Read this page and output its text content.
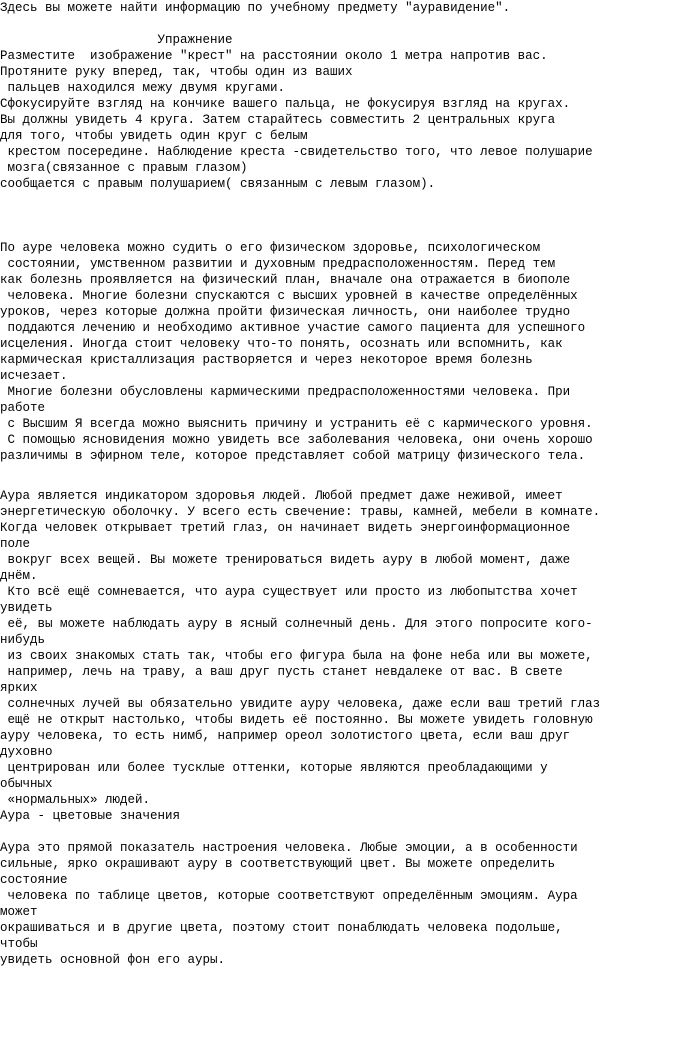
Здесь вы можете найти информацию по учебному предмету "ауравидение".

Упражнение

Разместите  изображение "крест" на расстоянии около 1 метра напротив вас.

Протяните руку вперед, так, чтобы один из ваших

пальцев находился межу двумя кругами.

Сфокусируйте взгляд на кончике вашего пальца, не фокусируя взгляд на кругах.

Вы должны увидеть 4 круга. Затем старайтесь совместить 2 центральных круга

для того, чтобы увидеть один круг с белым

крестом посередине. Наблюдение креста -свидетельство того, что левое полушарие

мозга(связанное с правым глазом)

сообщается с правым полушарием( связанным с левым глазом).

По ауре человека можно судить о его физическом здоровье, психологическом

состоянии, умственном развитии и духовным предрасположенностям. Перед тем

как болезнь проявляется на физический план, вначале она отражается в биополе

человека. Многие болезни спускаются с высших уровней в качестве определённых

уроков, через которые должна пройти физическая личность, они наиболее трудно

поддаются лечению и необходимо активное участие самого пациента для успешного

исцеления. Иногда стоит человеку что-то понять, осознать или вспомнить, как

кармическая кристаллизация растворяется и через некоторое время болезнь

исчезает.

Многие болезни обусловлены кармическими предрасположенностями человека. При

работе

с Высшим Я всегда можно выяснить причину и устранить её с кармического уровня.

С помощью ясновидения можно увидеть все заболевания человека, они очень хорошо

различимы в эфирном теле, которое представляет собой матрицу физического тела.

Аура является индикатором здоровья людей. Любой предмет даже неживой, имеет

энергетическую оболочку. У всего есть свечение: травы, камней, мебели в комнате.

Когда человек открывает третий глаз, он начинает видеть энергоинформационное

поле

вокруг всех вещей. Вы можете тренироваться видеть ауру в любой момент, даже

днём.

Кто всё ещё сомневается, что аура существует или просто из любопытства хочет

увидеть

её, вы можете наблюдать ауру в ясный солнечный день. Для этого попросите кого-

нибудь

из своих знакомых стать так, чтобы его фигура была на фоне неба или вы можете,

например, лечь на траву, а ваш друг пусть станет невдалеке от вас. В свете

ярких

солнечных лучей вы обязательно увидите ауру человека, даже если ваш третий глаз

ещё не открыт настолько, чтобы видеть её постоянно. Вы можете увидеть головную

ауру человека, то есть нимб, например ореол золотистого цвета, если ваш друг

духовно

центрирован или более тусклые оттенки, которые являются преобладающими у

обычных

«нормальных» людей.

Аура - цветовые значения

Аура это прямой показатель настроения человека. Любые эмоции, а в особенности

сильные, ярко окрашивают ауру в соответствующий цвет. Вы можете определить

состояние

человека по таблице цветов, которые соответствуют определённым эмоциям. Аура

может

окрашиваться и в другие цвета, поэтому стоит понаблюдать человека подольше,

чтобы

увидеть основной фон его ауры.
